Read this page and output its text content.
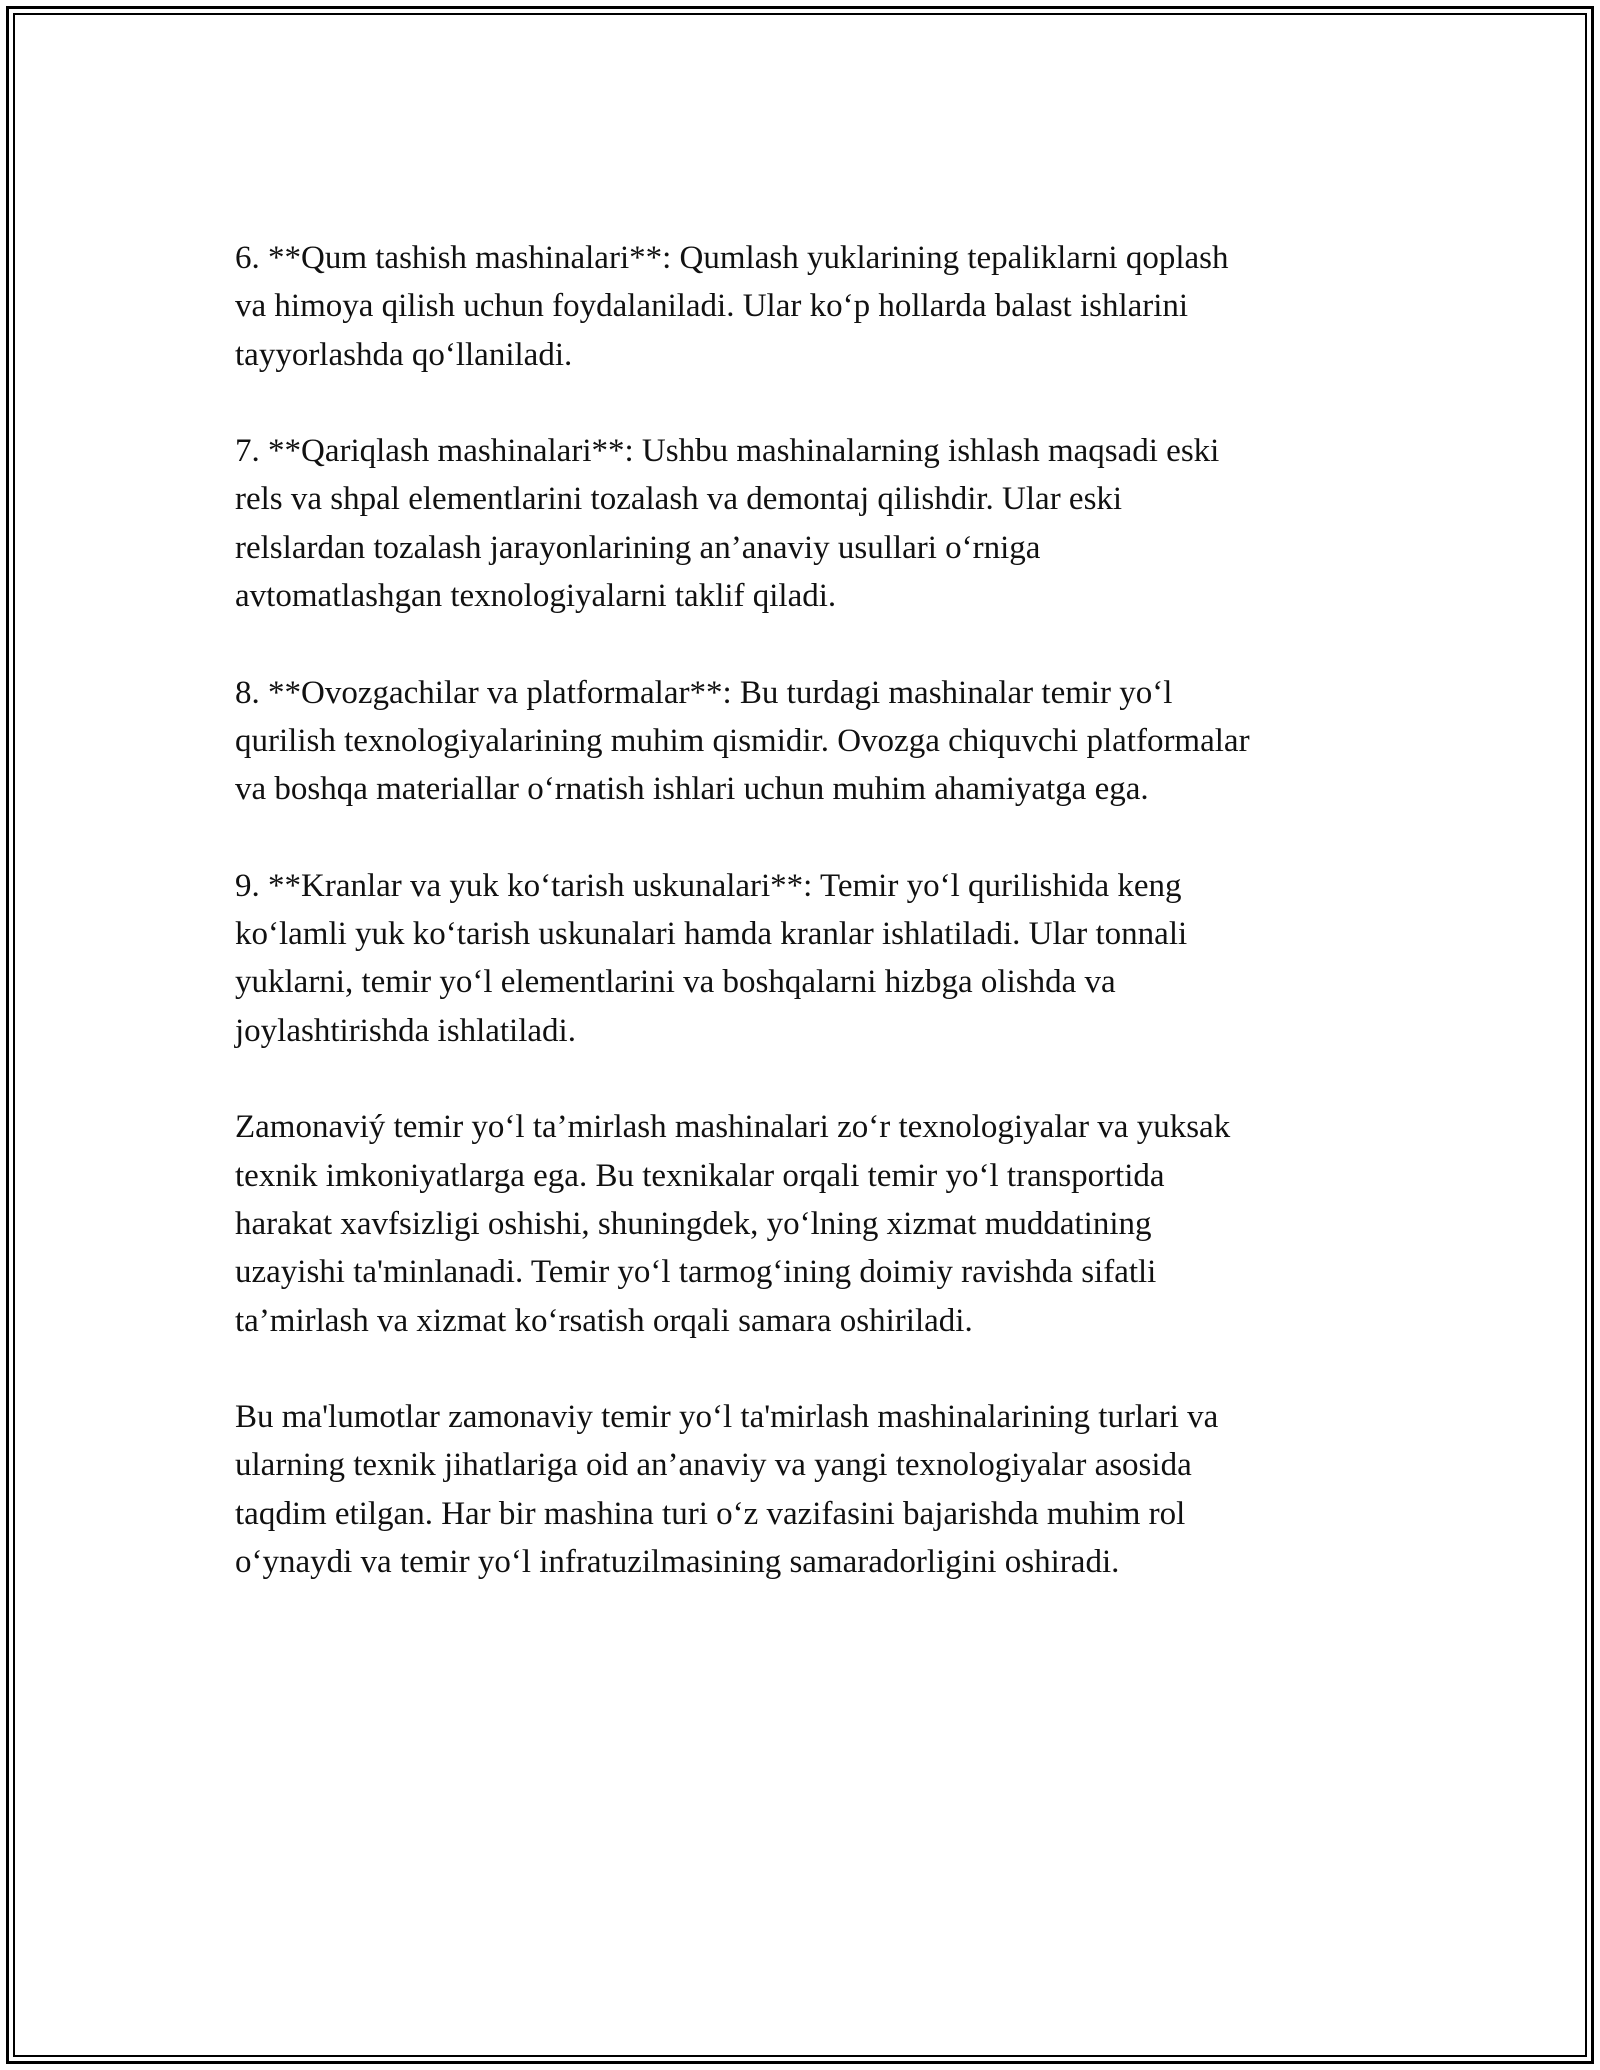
6. **Qum tashish mashinalari**: Qumlash yuklarining tepaliklarni qoplash
va himoya qilish uchun foydalaniladi. Ular ko‘p hollarda balast ishlarini
tayyorlashda qo‘llaniladi.
7. **Qariqlash mashinalari**: Ushbu mashinalarning ishlash maqsadi eski
rels va shpal elementlarini tozalash va demontaj qilishdir. Ular eski
relslardan tozalash jarayonlarining an’anaviy usullari o‘rniga
avtomatlashgan texnologiyalarni taklif qiladi.
8. **Ovozgachilar va platformalar**: Bu turdagi mashinalar temir yo‘l
qurilish texnologiyalarining muhim qismidir. Ovozga chiquvchi platformalar
va boshqa materiallar o‘rnatish ishlari uchun muhim ahamiyatga ega.
9. **Kranlar va yuk ko‘tarish uskunalari**: Temir yo‘l qurilishida keng
ko‘lamli yuk ko‘tarish uskunalari hamda kranlar ishlatiladi. Ular tonnali
yuklarni, temir yo‘l elementlarini va boshqalarni hizbga olishda va
joylashtirishda ishlatiladi.
Zamonaviý temir yo‘l ta’mirlash mashinalari zo‘r texnologiyalar va yuksak
texnik imkoniyatlarga ega. Bu texnikalar orqali temir yo‘l transportida
harakat xavfsizligi oshishi, shuningdek, yo‘lning xizmat muddatining
uzayishi ta'minlanadi. Temir yo‘l tarmog‘ining doimiy ravishda sifatli
ta’mirlash va xizmat ko‘rsatish orqali samara oshiriladi.
Bu ma'lumotlar zamonaviy temir yo‘l ta'mirlash mashinalarining turlari va
ularning texnik jihatlariga oid an’anaviy va yangi texnologiyalar asosida
taqdim etilgan. Har bir mashina turi o‘z vazifasini bajarishda muhim rol
o‘ynaydi va temir yo‘l infratuzilmasining samaradorligini oshiradi.
